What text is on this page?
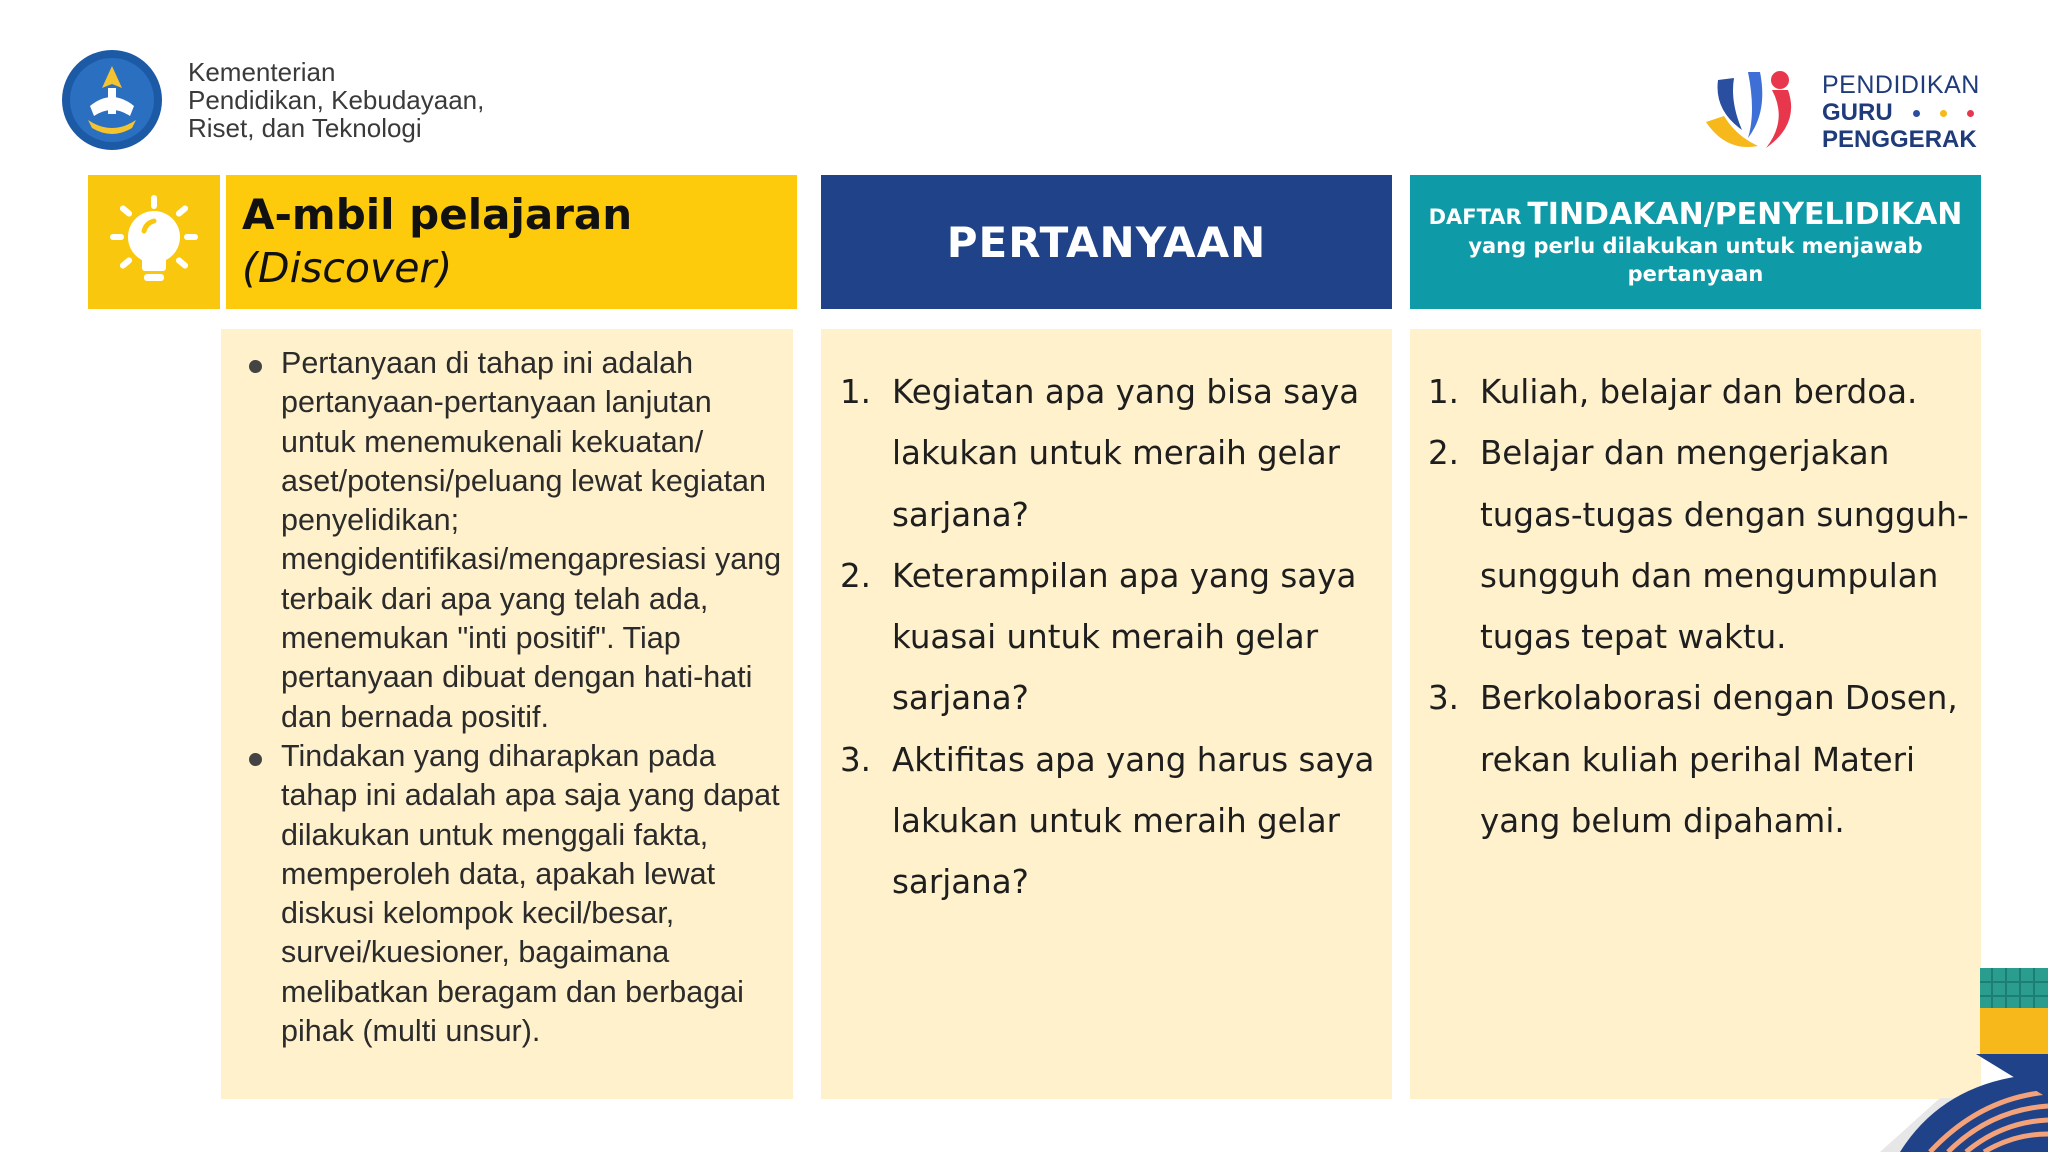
Kementerian
Pendidikan, Kebudayaan,
Riset, dan Teknologi
PENDIDIKAN
GURU
PENGGERAK
A-mbil pelajaran
(Discover)
PERTANYAAN
DAFTAR TINDAKAN/PENYELIDIKAN
yang perlu dilakukan untuk menjawab pertanyaan
Pertanyaan di tahap ini adalah pertanyaan-pertanyaan lanjutan untuk menemukenali kekuatan/ aset/potensi/peluang lewat kegiatan penyelidikan; mengidentifikasi/mengapresiasi yang terbaik dari apa yang telah ada, menemukan "inti positif". Tiap pertanyaan dibuat dengan hati-hati dan bernada positif.
Tindakan yang diharapkan pada tahap ini adalah apa saja yang dapat dilakukan untuk menggali fakta, memperoleh data, apakah lewat diskusi kelompok kecil/besar, survei/kuesioner, bagaimana melibatkan beragam dan berbagai pihak (multi unsur).
1. Kegiatan apa yang bisa saya lakukan untuk meraih gelar sarjana?
2. Keterampilan apa yang saya kuasai untuk meraih gelar sarjana?
3. Aktifitas apa yang harus saya lakukan untuk meraih gelar sarjana?
1. Kuliah, belajar dan berdoa.
2. Belajar dan mengerjakan tugas-tugas dengan sungguh-sungguh dan mengumpulan tugas tepat waktu.
3. Berkolaborasi dengan Dosen, rekan kuliah perihal Materi yang belum dipahami.
